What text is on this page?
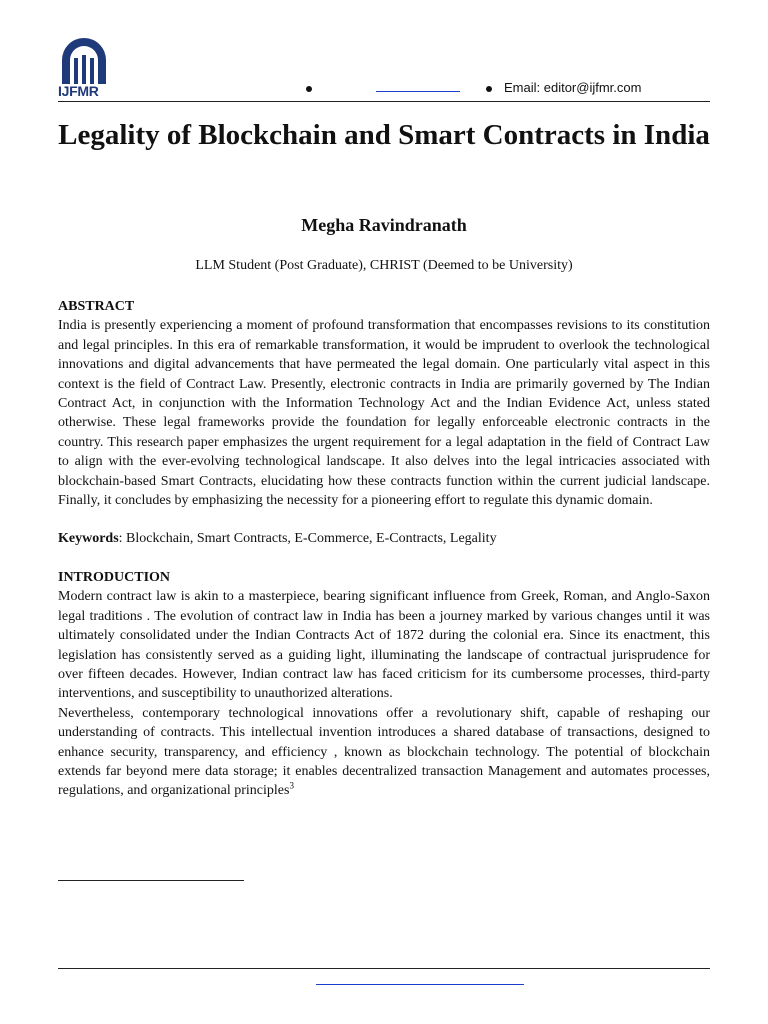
IJFMR	Email: editor@ijfmr.com
Legality of Blockchain and Smart Contracts in India
Megha Ravindranath
LLM Student (Post Graduate), CHRIST (Deemed to be University)

ABSTRACT

India is presently experiencing a moment of profound transformation that encompasses revisions to its constitution and legal principles. In this era of remarkable transformation, it would be imprudent to overlook the technological innovations and digital advancements that have permeated the legal domain. One particularly vital aspect in this context is the field of Contract Law. Presently, electronic contracts in India are primarily governed by The Indian Contract Act, in conjunction with the Information Technology Act and the Indian Evidence Act, unless stated otherwise. These legal frameworks provide the foundation for legally enforceable electronic contracts in the country. This research paper emphasizes the urgent requirement for a legal adaptation in the field of Contract Law to align with the ever-evolving technological landscape. It also delves into the legal intricacies associated with blockchain-based Smart Contracts, elucidating how these contracts function within the current judicial landscape. Finally, it concludes by emphasizing the necessity for a pioneering effort to regulate this dynamic domain.

Keywords: Blockchain, Smart Contracts, E-Commerce, E-Contracts, Legality

INTRODUCTION

Modern contract law is akin to a masterpiece, bearing significant influence from Greek, Roman, and Anglo-Saxon legal traditions . The evolution of contract law in India has been a journey marked by various changes until it was ultimately consolidated under the Indian Contracts Act of 1872 during the colonial era. Since its enactment, this legislation has consistently served as a guiding light, illuminating the landscape of contractual jurisprudence for over fifteen decades. However, Indian contract law has faced criticism for its cumbersome processes, third-party interventions, and susceptibility to unauthorized alterations.

Nevertheless, contemporary technological innovations offer a revolutionary shift, capable of reshaping our understanding of contracts. This intellectual invention introduces a shared database of transactions, designed to enhance security, transparency, and efficiency , known as blockchain technology. The potential of blockchain extends far beyond mere data storage; it enables decentralized transaction Management and automates processes, regulations, and organizational principles$^3$
